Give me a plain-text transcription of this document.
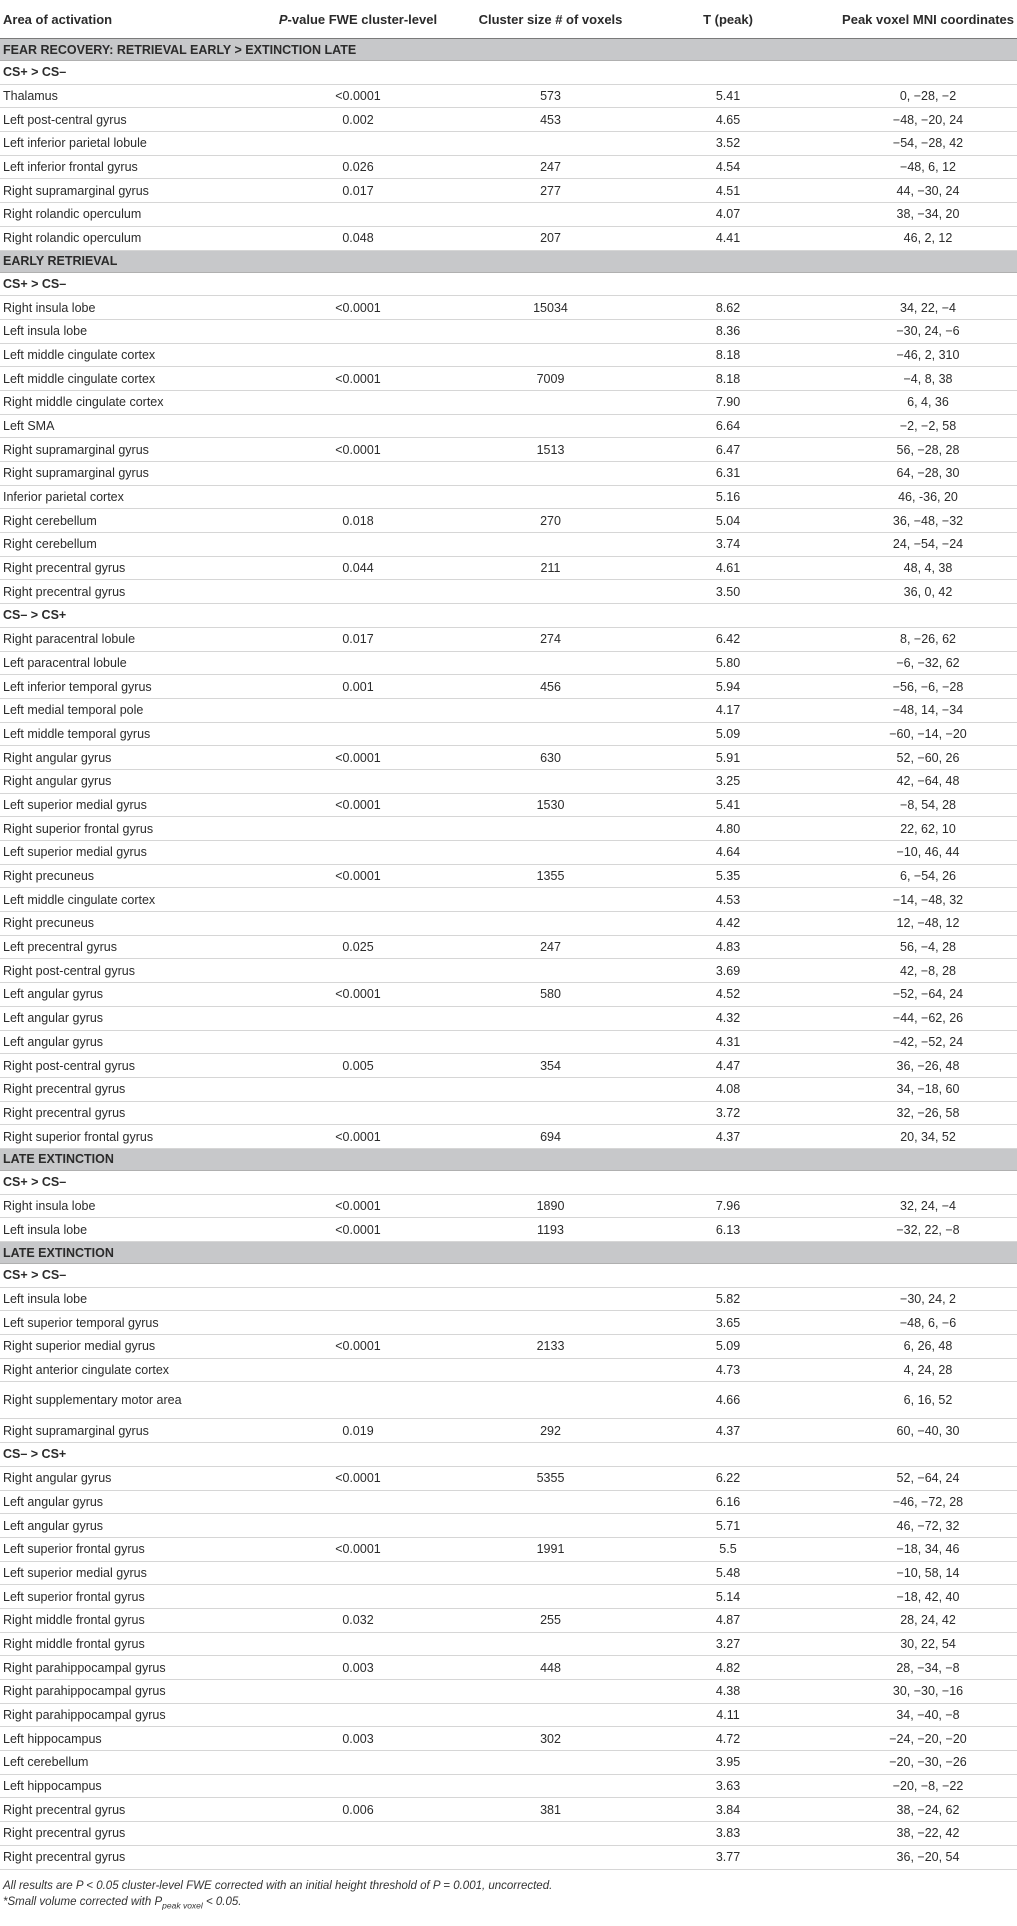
Area of activation	P-value FWE cluster-level	Cluster size # of voxels	T (peak)	Peak voxel MNI coordinates
FEAR RECOVERY: RETRIEVAL EARLY > EXTINCTION LATE				
CS+ > CS–				
Thalamus	<0.0001	573	5.41	0, −28, −2
Left post-central gyrus	0.002	453	4.65	−48, −20, 24
Left inferior parietal lobule			3.52	−54, −28, 42
Left inferior frontal gyrus	0.026	247	4.54	−48, 6, 12
Right supramarginal gyrus	0.017	277	4.51	44, −30, 24
Right rolandic operculum			4.07	38, −34, 20
Right rolandic operculum	0.048	207	4.41	46, 2, 12
EARLY RETRIEVAL				
CS+ > CS–				
Right insula lobe	<0.0001	15034	8.62	34, 22, −4
Left insula lobe			8.36	−30, 24, −6
Left middle cingulate cortex			8.18	−46, 2, 310
Left middle cingulate cortex	<0.0001	7009	8.18	−4, 8, 38
Right middle cingulate cortex			7.90	6, 4, 36
Left SMA			6.64	−2, −2, 58
Right supramarginal gyrus	<0.0001	1513	6.47	56, −28, 28
Right supramarginal gyrus			6.31	64, −28, 30
Inferior parietal cortex			5.16	46, -36, 20
Right cerebellum	0.018	270	5.04	36, −48, −32
Right cerebellum			3.74	24, −54, −24
Right precentral gyrus	0.044	211	4.61	48, 4, 38
Right precentral gyrus			3.50	36, 0, 42
CS– > CS+				
Right paracentral lobule	0.017	274	6.42	8, −26, 62
Left paracentral lobule			5.80	−6, −32, 62
Left inferior temporal gyrus	0.001	456	5.94	−56, −6, −28
Left medial temporal pole			4.17	−48, 14, −34
Left middle temporal gyrus			5.09	−60, −14, −20
Right angular gyrus	<0.0001	630	5.91	52, −60, 26
Right angular gyrus			3.25	42, −64, 48
Left superior medial gyrus	<0.0001	1530	5.41	−8, 54, 28
Right superior frontal gyrus			4.80	22, 62, 10
Left superior medial gyrus			4.64	−10, 46, 44
Right precuneus	<0.0001	1355	5.35	6, −54, 26
Left middle cingulate cortex			4.53	−14, −48, 32
Right precuneus			4.42	12, −48, 12
Left precentral gyrus	0.025	247	4.83	56, −4, 28
Right post-central gyrus			3.69	42, −8, 28
Left angular gyrus	<0.0001	580	4.52	−52, −64, 24
Left angular gyrus			4.32	−44, −62, 26
Left angular gyrus			4.31	−42, −52, 24
Right post-central gyrus	0.005	354	4.47	36, −26, 48
Right precentral gyrus			4.08	34, −18, 60
Right precentral gyrus			3.72	32, −26, 58
Right superior frontal gyrus	<0.0001	694	4.37	20, 34, 52
LATE EXTINCTION				
CS+ > CS–				
Right insula lobe	<0.0001	1890	7.96	32, 24, −4
Left insula lobe	<0.0001	1193	6.13	−32, 22, −8
LATE EXTINCTION				
CS+ > CS–				
Left insula lobe			5.82	−30, 24, 2
Left superior temporal gyrus			3.65	−48, 6, −6
Right superior medial gyrus	<0.0001	2133	5.09	6, 26, 48
Right anterior cingulate cortex			4.73	4, 24, 28
Right supplementary motor area			4.66	6, 16, 52
Right supramarginal gyrus	0.019	292	4.37	60, −40, 30
CS– > CS+				
Right angular gyrus	<0.0001	5355	6.22	52, −64, 24
Left angular gyrus			6.16	−46, −72, 28
Left angular gyrus			5.71	46, −72, 32
Left superior frontal gyrus	<0.0001	1991	5.5	−18, 34, 46
Left superior medial gyrus			5.48	−10, 58, 14
Left superior frontal gyrus			5.14	−18, 42, 40
Right middle frontal gyrus	0.032	255	4.87	28, 24, 42
Right middle frontal gyrus			3.27	30, 22, 54
Right parahippocampal gyrus	0.003	448	4.82	28, −34, −8
Right parahippocampal gyrus			4.38	30, −30, −16
Right parahippocampal gyrus			4.11	34, −40, −8
Left hippocampus	0.003	302	4.72	−24, −20, −20
Left cerebellum			3.95	−20, −30, −26
Left hippocampus			3.63	−20, −8, −22
Right precentral gyrus	0.006	381	3.84	38, −24, 62
Right precentral gyrus			3.83	38, −22, 42
Right precentral gyrus			3.77	36, −20, 54
All results are P < 0.05 cluster-level FWE corrected with an initial height threshold of P = 0.001, uncorrected.
*Small volume corrected with $P_{peak voxel} < 0.05$.
